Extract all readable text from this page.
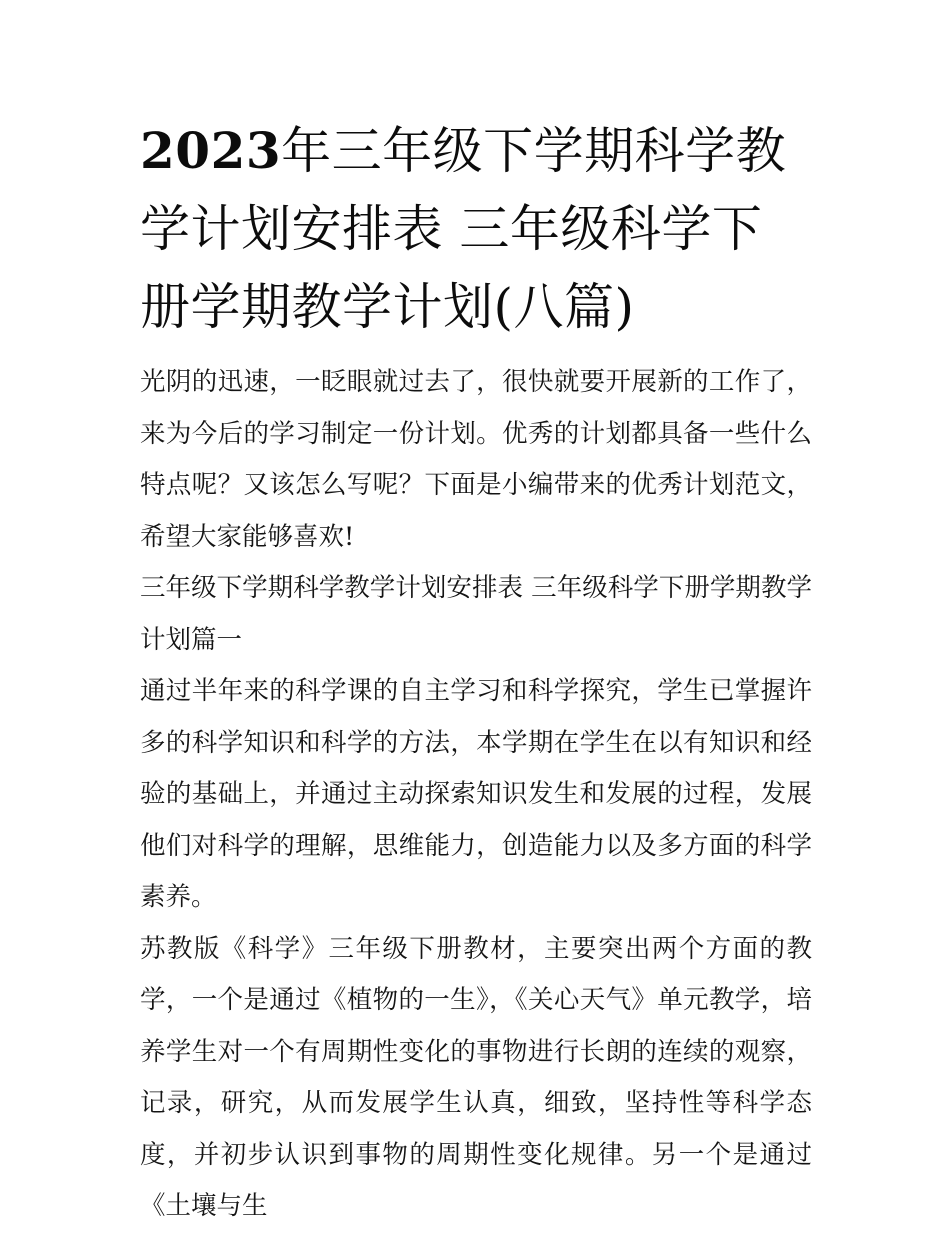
2023年三年级下学期科学教学计划安排表 三年级科学下册学期教学计划(八篇)

光阴的迅速，一眨眼就过去了，很快就要开展新的工作了，来为今后的学习制定一份计划。优秀的计划都具备一些什么特点呢？又该怎么写呢？下面是小编带来的优秀计划范文，希望大家能够喜欢!

三年级下学期科学教学计划安排表 三年级科学下册学期教学计划篇一

通过半年来的科学课的自主学习和科学探究，学生已掌握许多的科学知识和科学的方法，本学期在学生在以有知识和经验的基础上，并通过主动探索知识发生和发展的过程，发展他们对科学的理解，思维能力，创造能力以及多方面的科学素养。

苏教版《科学》三年级下册教材，主要突出两个方面的教学，一个是通过《植物的一生》，《关心天气》单元教学，培养学生对一个有周期性变化的事物进行长朗的连续的观察，记录，研究，从而发展学生认真，细致，坚持性等科学态度，并初步认识到事物的周期性变化规律。另一个是通过《土壤与生
